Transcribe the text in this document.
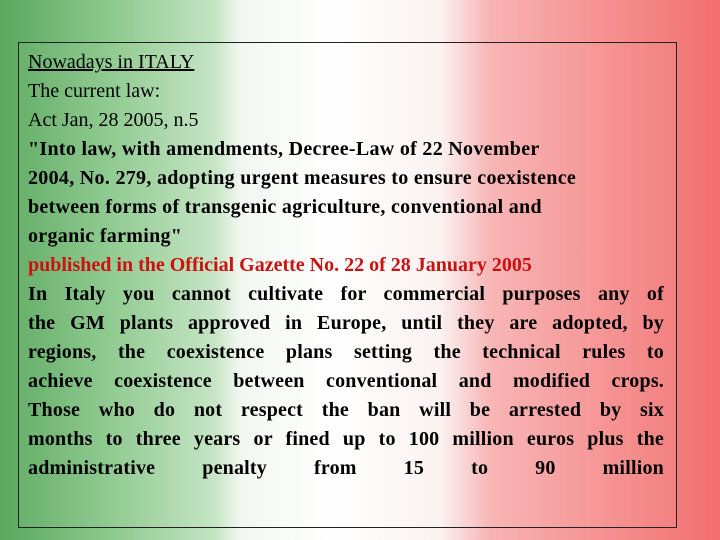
Nowadays in ITALY

The current law:

Act Jan, 28 2005, n.5

"Into law, with amendments, Decree-Law of 22 November

2004, No. 279, adopting urgent measures to ensure coexistence

between forms of transgenic agriculture, conventional and

organic farming"

published in the Official Gazette No. 22 of 28 January 2005

In Italy you cannot cultivate for commercial purposes any of

the GM plants approved in Europe, until they are adopted, by

regions, the coexistence plans setting the technical rules to

achieve coexistence between conventional and modified crops.

Those who do not respect the ban will be arrested by six

months to three years or fined up to 100 million euros plus the

administrative penalty from 15 to 90 million
